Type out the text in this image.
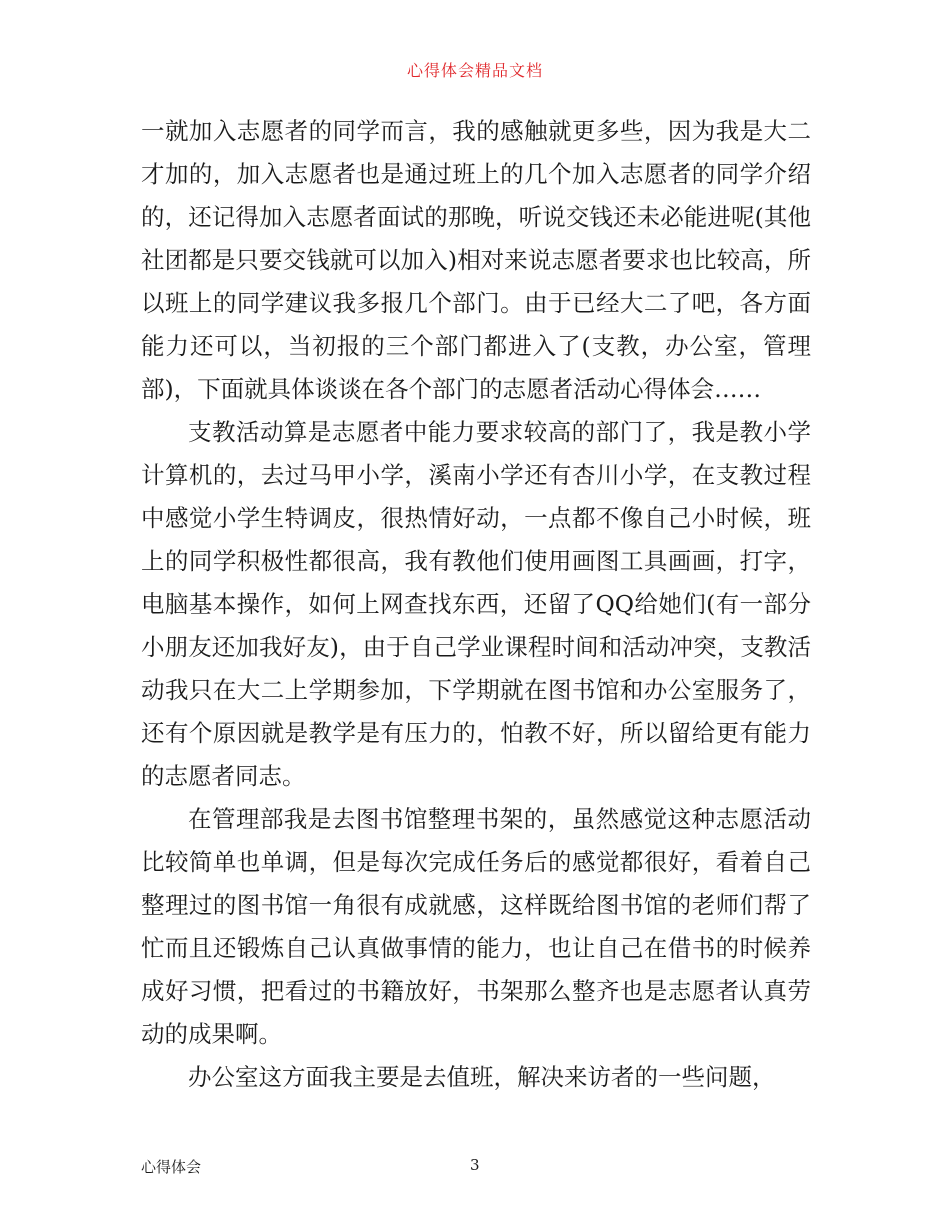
心得体会精品文档

一就加入志愿者的同学而言，我的感触就更多些，因为我是大二才加的，加入志愿者也是通过班上的几个加入志愿者的同学介绍的，还记得加入志愿者面试的那晚，听说交钱还未必能进呢(其他社团都是只要交钱就可以加入)相对来说志愿者要求也比较高，所以班上的同学建议我多报几个部门。由于已经大二了吧，各方面能力还可以，当初报的三个部门都进入了(支教，办公室，管理部)，下面就具体谈谈在各个部门的志愿者活动心得体会……

支教活动算是志愿者中能力要求较高的部门了，我是教小学计算机的，去过马甲小学，溪南小学还有杏川小学，在支教过程中感觉小学生特调皮，很热情好动，一点都不像自己小时候，班上的同学积极性都很高，我有教他们使用画图工具画画，打字，电脑基本操作，如何上网查找东西，还留了QQ给她们(有一部分小朋友还加我好友)，由于自己学业课程时间和活动冲突，支教活动我只在大二上学期参加，下学期就在图书馆和办公室服务了，还有个原因就是教学是有压力的，怕教不好，所以留给更有能力的志愿者同志。

在管理部我是去图书馆整理书架的，虽然感觉这种志愿活动比较简单也单调，但是每次完成任务后的感觉都很好，看着自己整理过的图书馆一角很有成就感，这样既给图书馆的老师们帮了忙而且还锻炼自己认真做事情的能力，也让自己在借书的时候养成好习惯，把看过的书籍放好，书架那么整齐也是志愿者认真劳动的成果啊。

办公室这方面我主要是去值班，解决来访者的一些问题，

心得体会	3
